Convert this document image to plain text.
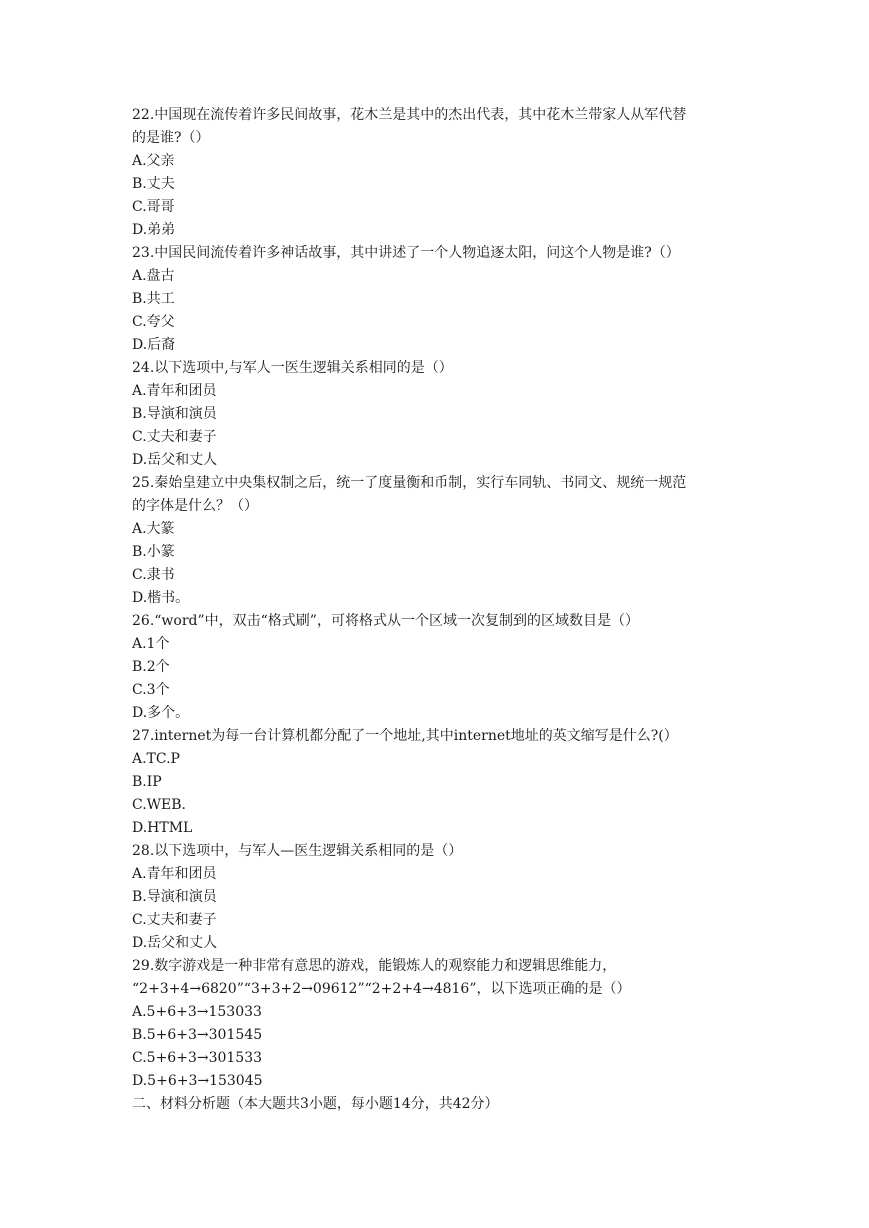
22.中国现在流传着许多民间故事，花木兰是其中的杰出代表，其中花木兰带家人从军代替
的是谁?（）
A.父亲
B.丈夫
C.哥哥
D.弟弟
23.中国民间流传着许多神话故事，其中讲述了一个人物追逐太阳，问这个人物是谁?（）
A.盘古
B.共工
C.夸父
D.后裔
24.以下选项中,与军人一医生逻辑关系相同的是（）
A.青年和团员
B.导演和演员
C.丈夫和妻子
D.岳父和丈人
25.秦始皇建立中央集权制之后，统一了度量衡和币制，实行车同轨、书同文、规统一规范
的字体是什么？（）
A.大篆
B.小篆
C.隶书
D.楷书。
26.“word”中，双击“格式刷”，可将格式从一个区域一次复制到的区域数目是（）
A.1个
B.2个
C.3个
D.多个。
27.internet为每一台计算机都分配了一个地址,其中internet地址的英文缩写是什么?(）
A.TC.P
B.IP
C.WEB.
D.HTML
28.以下选项中，与军人—医生逻辑关系相同的是（）
A.青年和团员
B.导演和演员
C.丈夫和妻子
D.岳父和丈人
29.数字游戏是一种非常有意思的游戏，能锻炼人的观察能力和逻辑思维能力，
“2+3+4→6820”“3+3+2→09612”“2+2+4→4816”，以下选项正确的是（）
A.5+6+3→153033
B.5+6+3→301545
C.5+6+3→301533
D.5+6+3→153045
二、材料分析题（本大题共3小题，每小题14分，共42分）
